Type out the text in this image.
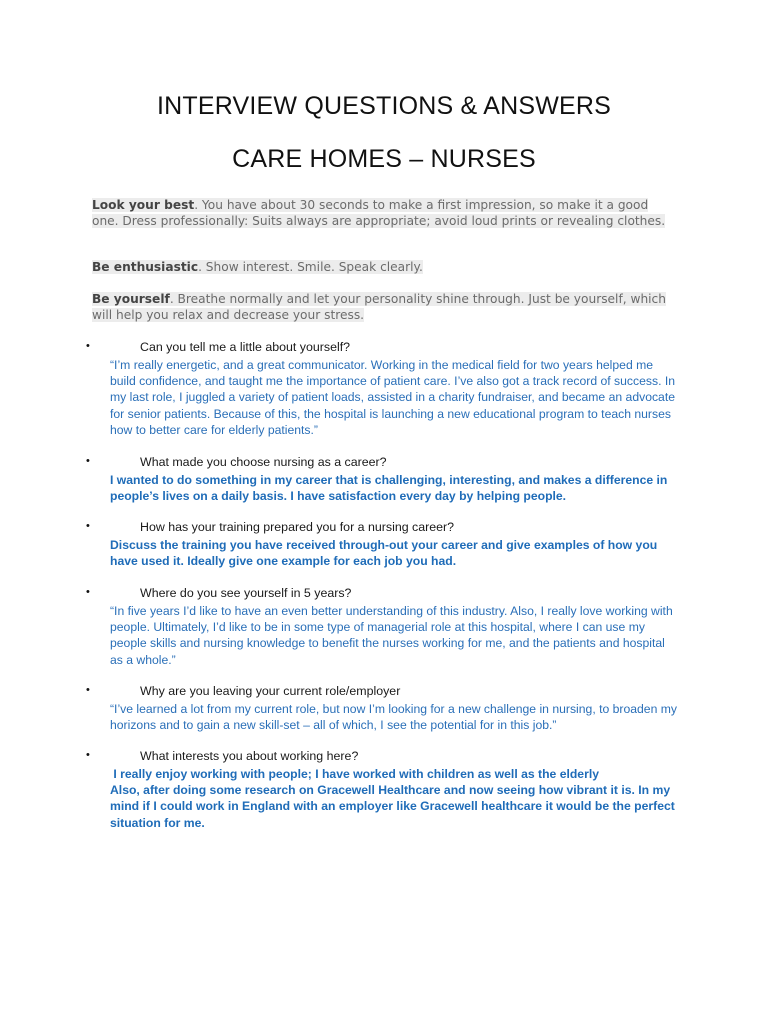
INTERVIEW QUESTIONS & ANSWERS
CARE HOMES – NURSES
Look your best. You have about 30 seconds to make a first impression, so make it a good one. Dress professionally: Suits always are appropriate; avoid loud prints or revealing clothes.
Be enthusiastic. Show interest. Smile. Speak clearly.
Be yourself. Breathe normally and let your personality shine through. Just be yourself, which will help you relax and decrease your stress.
•	Can you tell me a little about yourself?
“I’m really energetic, and a great communicator. Working in the medical field for two years helped me build confidence, and taught me the importance of patient care. I’ve also got a track record of success. In my last role, I juggled a variety of patient loads, assisted in a charity fundraiser, and became an advocate for senior patients. Because of this, the hospital is launching a new educational program to teach nurses how to better care for elderly patients.”
•	What made you choose nursing as a career?
I wanted to do something in my career that is challenging, interesting, and makes a difference in people’s lives on a daily basis. I have satisfaction every day by helping people.
•	How has your training prepared you for a nursing career?
Discuss the training you have received through-out your career and give examples of how you have used it. Ideally give one example for each job you had.
•	Where do you see yourself in 5 years?
“In five years I’d like to have an even better understanding of this industry. Also, I really love working with people. Ultimately, I’d like to be in some type of managerial role at this hospital, where I can use my people skills and nursing knowledge to benefit the nurses working for me, and the patients and hospital as a whole.”
•	Why are you leaving your current role/employer
“I’ve learned a lot from my current role, but now I’m looking for a new challenge in nursing, to broaden my horizons and to gain a new skill-set – all of which, I see the potential for in this job.”
•	What interests you about working here?
I really enjoy working with people; I have worked with children as well as the elderly
Also, after doing some research on Gracewell Healthcare and now seeing how vibrant it is. In my mind if I could work in England with an employer like Gracewell healthcare it would be the perfect situation for me.
